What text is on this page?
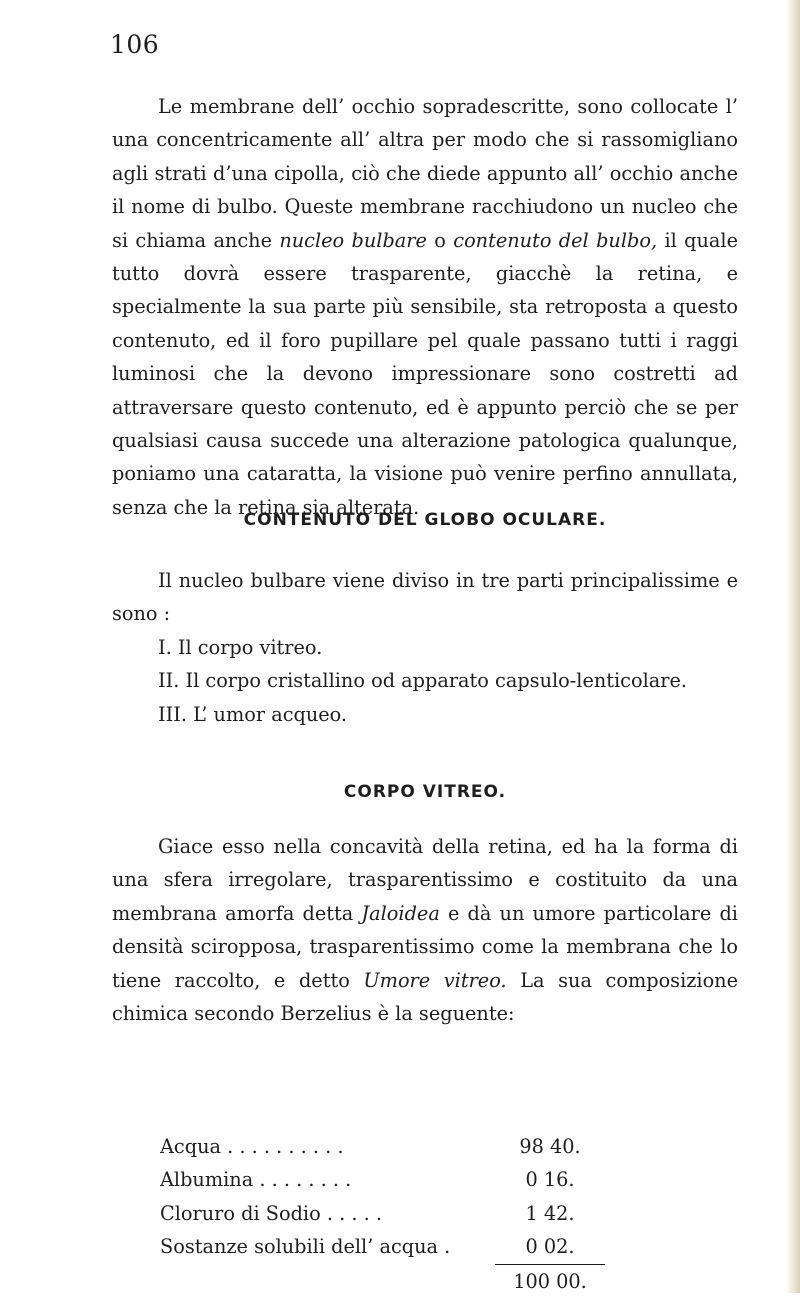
106

Le membrane dell’ occhio sopradescritte, sono collocate l’ una concentricamente all’ altra per modo che si rassomigliano agli strati d’una cipolla, ciò che diede appunto all’ occhio anche il nome di bulbo. Queste membrane racchiudono un nucleo che si chiama anche nucleo bulbare o contenuto del bulbo, il quale tutto dovrà essere trasparente, giacchè la retina, e specialmente la sua parte più sensibile, sta retroposta a questo contenuto, ed il foro pupillare pel quale passano tutti i raggi luminosi che la devono impressionare sono costretti ad attraversare questo contenuto, ed è appunto perciò che se per qualsiasi causa succede una alterazione patologica qualunque, poniamo una cataratta, la visione può venire perfino annullata, senza che la retina sia alterata.

CONTENUTO DEL GLOBO OCULARE.

Il nucleo bulbare viene diviso in tre parti principalissime e sono :

I. Il corpo vitreo.
II. Il corpo cristallino od apparato capsulo-lenticolare.
III. L’ umor acqueo.
CORPO VITREO.

Giace esso nella concavità della retina, ed ha la forma di una sfera irregolare, trasparentissimo e costituito da una membrana amorfa detta Jaloidea e dà un umore particolare di densità sciropposa, trasparentissimo come la membrana che lo tiene raccolto, e detto Umore vitreo. La sua composizione chimica secondo Berzelius è la seguente:

Acqua . . . . . . . . . .	98 40.
Albumina . . . . . . . .	0 16.
Cloruro di Sodio . . . . .	1 42.
Sostanze solubili dell’ acqua .	0 02.
100 00.
